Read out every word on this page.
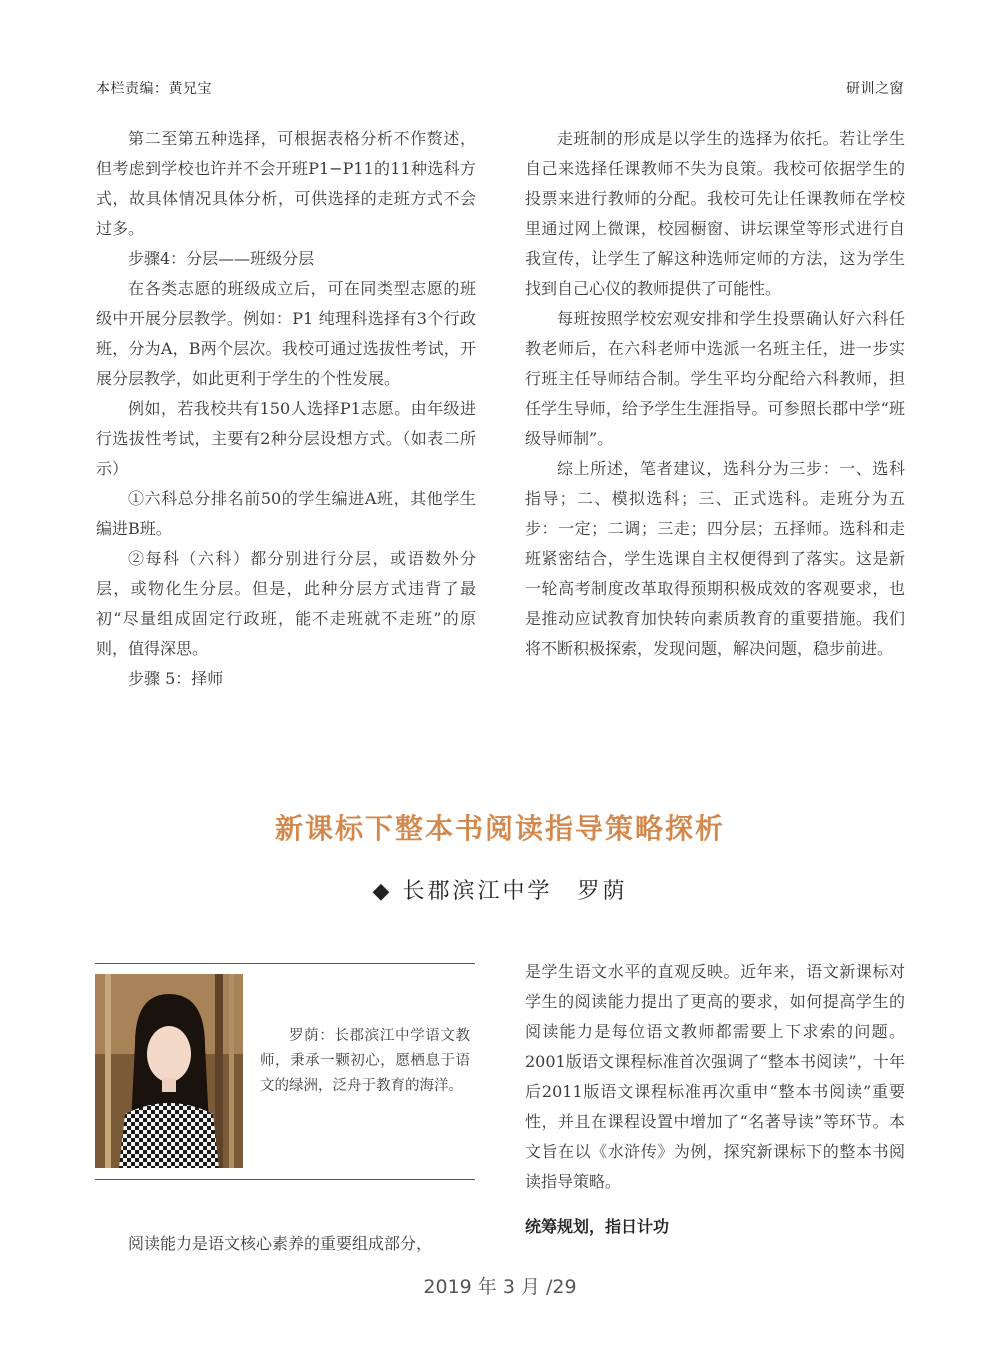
本栏责编：黄兄宝	研训之窗

第二至第五种选择，可根据表格分析不作赘述，但考虑到学校也许并不会开班P1−P11的11种选科方式，故具体情况具体分析，可供选择的走班方式不会过多。

步骤4：分层——班级分层

在各类志愿的班级成立后，可在同类型志愿的班级中开展分层教学。例如：P1 纯理科选择有3个行政班，分为A，B两个层次。我校可通过选拔性考试，开展分层教学，如此更利于学生的个性发展。

例如，若我校共有150人选择P1志愿。由年级进行选拔性考试，主要有2种分层设想方式。（如表二所示）

①六科总分排名前50的学生编进A班，其他学生编进B班。

②每科（六科）都分别进行分层，或语数外分层，或物化生分层。但是，此种分层方式违背了最初“尽量组成固定行政班，能不走班就不走班”的原则，值得深思。

步骤 5：择师

走班制的形成是以学生的选择为依托。若让学生自己来选择任课教师不失为良策。我校可依据学生的投票来进行教师的分配。我校可先让任课教师在学校里通过网上微课，校园橱窗、讲坛课堂等形式进行自我宣传，让学生了解这种选师定师的方法，这为学生找到自己心仪的教师提供了可能性。

每班按照学校宏观安排和学生投票确认好六科任教老师后，在六科老师中选派一名班主任，进一步实行班主任导师结合制。学生平均分配给六科教师，担任学生导师，给予学生生涯指导。可参照长郡中学“班级导师制”。

综上所述，笔者建议，选科分为三步：一、选科指导；二、模拟选科；三、正式选科。走班分为五步：一定；二调；三走；四分层；五择师。选科和走班紧密结合，学生选课自主权便得到了落实。这是新一轮高考制度改革取得预期积极成效的客观要求，也是推动应试教育加快转向素质教育的重要措施。我们将不断积极探索，发现问题，解决问题，稳步前进。

新课标下整本书阅读指导策略探析
◆ 长郡滨江中学　罗荫
罗荫：长郡滨江中学语文教师，秉承一颗初心，愿栖息于语文的绿洲，泛舟于教育的海洋。

阅读能力是语文核心素养的重要组成部分，

是学生语文水平的直观反映。近年来，语文新课标对学生的阅读能力提出了更高的要求，如何提高学生的阅读能力是每位语文教师都需要上下求索的问题。2001版语文课程标准首次强调了“整本书阅读”，十年后2011版语文课程标准再次重申“整本书阅读”重要性，并且在课程设置中增加了“名著导读”等环节。本文旨在以《水浒传》为例，探究新课标下的整本书阅读指导策略。

统筹规划，指日计功
2019 年 3 月 /29
